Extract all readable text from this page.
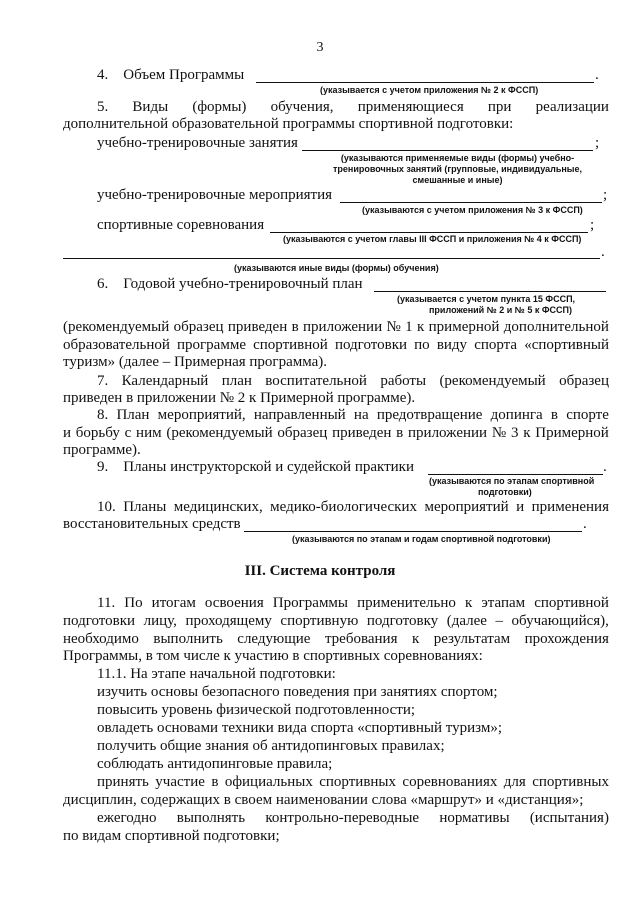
3
4.    Объем Программы	.
(указывается с учетом приложения № 2 к ФССП)
5. Виды (формы) обучения, применяющиеся при реализации
дополнительной образовательной программы спортивной подготовки:
учебно-тренировочные занятия	;
(указываются применяемые виды (формы) учебно-тренировочных занятий (групповые, индивидуальные, смешанные и иные)
учебно-тренировочные мероприятия	;
(указываются с учетом приложения № 3 к ФССП)
спортивные соревнования	;
(указываются с учетом главы III ФССП и приложения № 4 к ФССП)
.
(указываются иные виды (формы) обучения)
6.    Годовой учебно-тренировочный план
(указывается с учетом пункта 15 ФССП,
приложений № 2 и № 5 к ФССП)
(рекомендуемый образец приведен в приложении № 1 к примерной дополнительной
образовательной программе спортивной подготовки по виду спорта «спортивный
туризм» (далее – Примерная программа).
7. Календарный план воспитательной работы (рекомендуемый образец
приведен в приложении № 2 к Примерной программе).
8. План мероприятий, направленный на предотвращение допинга в спорте
и борьбу с ним (рекомендуемый образец приведен в приложении № 3 к Примерной
программе).
9.    Планы инструкторской и судейской практики	.
(указываются по этапам спортивной
подготовки)
10. Планы медицинских, медико-биологических мероприятий и применения
восстановительных средств	.
(указываются по этапам и годам спортивной подготовки)
III. Система контроля
11. По итогам освоения Программы применительно к этапам спортивной
подготовки лицу, проходящему спортивную подготовку (далее – обучающийся),
необходимо выполнить следующие требования к результатам прохождения
Программы, в том числе к участию в спортивных соревнованиях:
11.1. На этапе начальной подготовки:
изучить основы безопасного поведения при занятиях спортом;
повысить уровень физической подготовленности;
овладеть основами техники вида спорта «спортивный туризм»;
получить общие знания об антидопинговых правилах;
соблюдать антидопинговые правила;
принять участие в официальных спортивных соревнованиях для спортивных
дисциплин, содержащих в своем наименовании слова «маршрут» и «дистанция»;
ежегодно выполнять контрольно-переводные нормативы (испытания)
по видам спортивной подготовки;
